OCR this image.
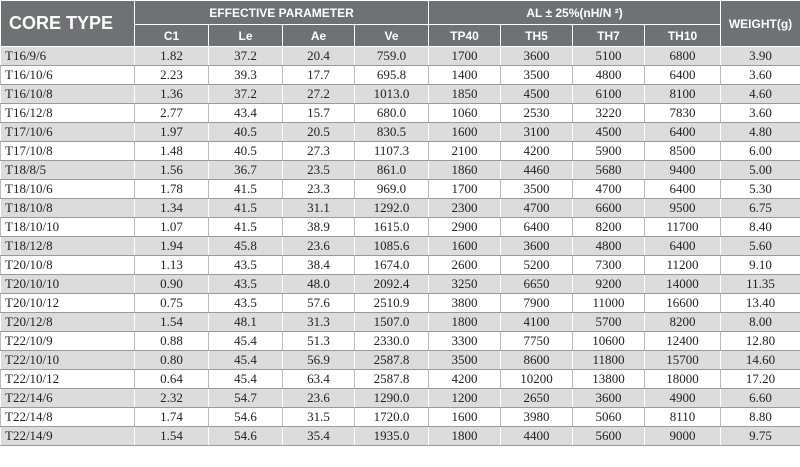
CORE TYPE	EFFECTIVE PARAMETER				AL ± 25%(nH/N ²)				WEIGHT(g)
	C1	Le	Ae	Ve	TP40	TH5	TH7	TH10	
T16/9/6	1.82	37.2	20.4	759.0	1700	3600	5100	6800	3.90
T16/10/6	2.23	39.3	17.7	695.8	1400	3500	4800	6400	3.60
T16/10/8	1.36	37.2	27.2	1013.0	1850	4500	6100	8100	4.60
T16/12/8	2.77	43.4	15.7	680.0	1060	2530	3220	7830	3.60
T17/10/6	1.97	40.5	20.5	830.5	1600	3100	4500	6400	4.80
T17/10/8	1.48	40.5	27.3	1107.3	2100	4200	5900	8500	6.00
T18/8/5	1.56	36.7	23.5	861.0	1860	4460	5680	9400	5.00
T18/10/6	1.78	41.5	23.3	969.0	1700	3500	4700	6400	5.30
T18/10/8	1.34	41.5	31.1	1292.0	2300	4700	6600	9500	6.75
T18/10/10	1.07	41.5	38.9	1615.0	2900	6400	8200	11700	8.40
T18/12/8	1.94	45.8	23.6	1085.6	1600	3600	4800	6400	5.60
T20/10/8	1.13	43.5	38.4	1674.0	2600	5200	7300	11200	9.10
T20/10/10	0.90	43.5	48.0	2092.4	3250	6650	9200	14000	11.35
T20/10/12	0.75	43.5	57.6	2510.9	3800	7900	11000	16600	13.40
T20/12/8	1.54	48.1	31.3	1507.0	1800	4100	5700	8200	8.00
T22/10/9	0.88	45.4	51.3	2330.0	3300	7750	10600	12400	12.80
T22/10/10	0.80	45.4	56.9	2587.8	3500	8600	11800	15700	14.60
T22/10/12	0.64	45.4	63.4	2587.8	4200	10200	13800	18000	17.20
T22/14/6	2.32	54.7	23.6	1290.0	1200	2650	3600	4900	6.60
T22/14/8	1.74	54.6	31.5	1720.0	1600	3980	5060	8110	8.80
T22/14/9	1.54	54.6	35.4	1935.0	1800	4400	5600	9000	9.75
